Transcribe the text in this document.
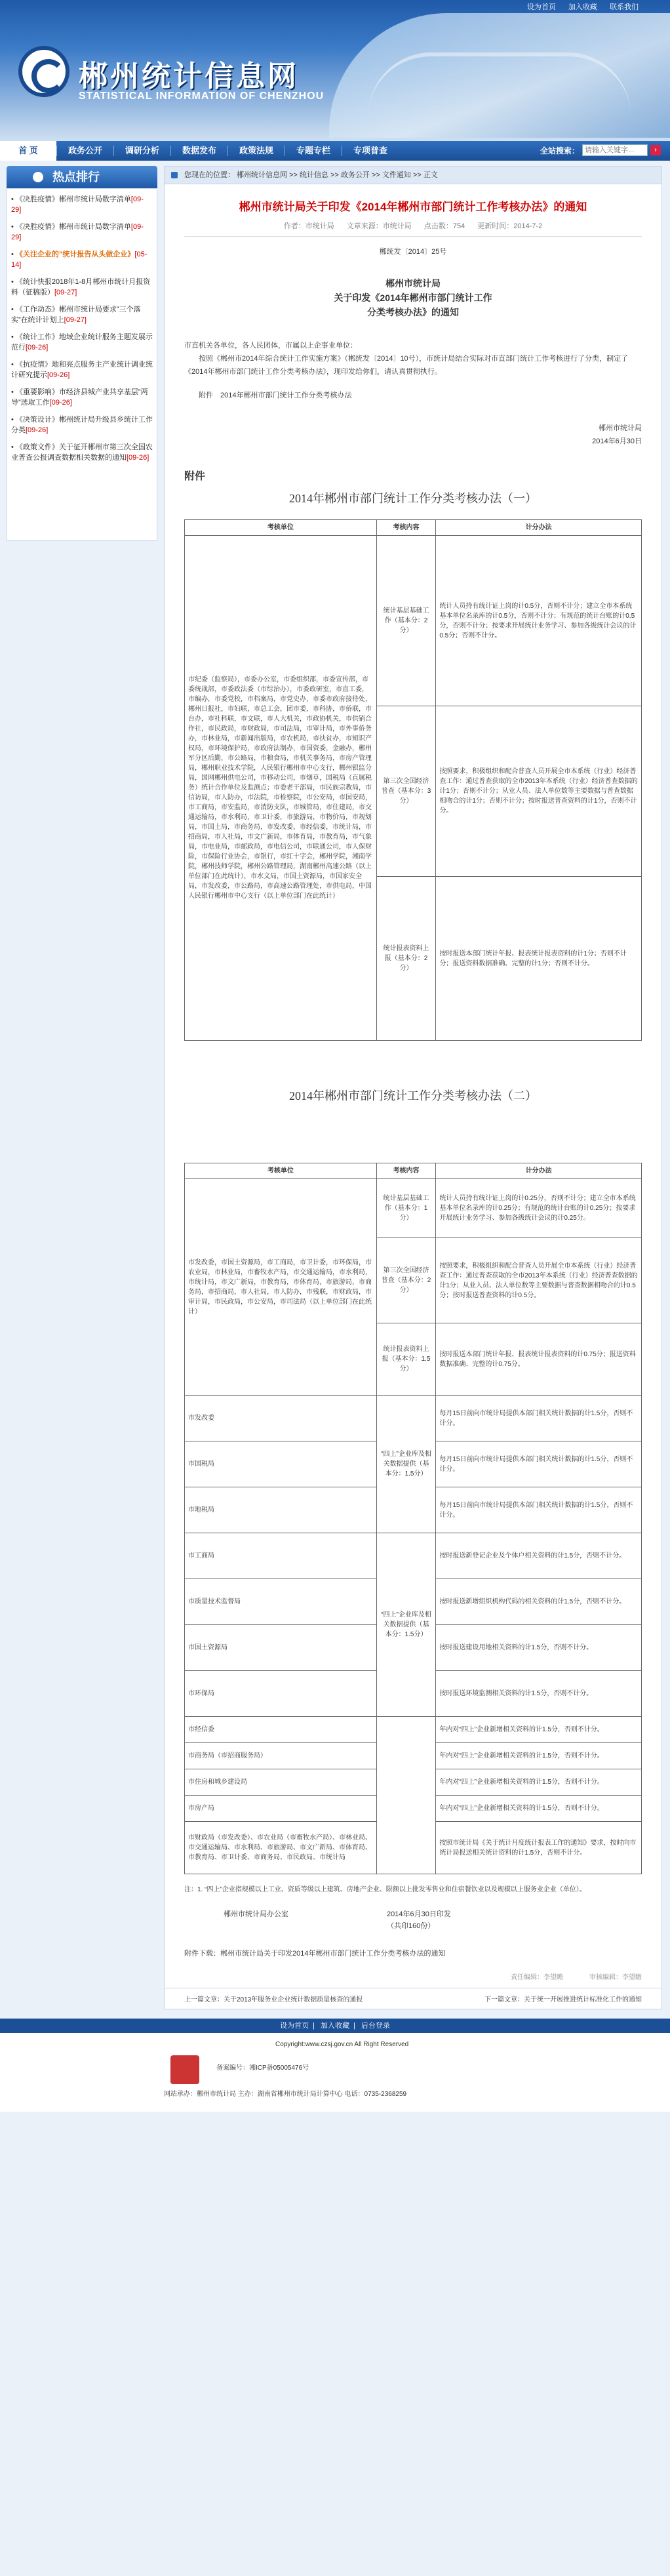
设为首页 加入收藏 联系我们
郴州统计信息网
STATISTICAL INFORMATION OF CHENZHOU
首 页	政务公开	调研分析	数据发布	政策法规	专题专栏	专项普查	全站搜索：
请输入关键字...	›
热点排行
• 《决胜疫情》郴州市统计局数字清单[09-29]
• 《决胜疫情》郴州市统计局数字清单[09-29]
• 《关注企业的”统计报告从头做企业》[05-14]
• 《统计快报2018年1-8月郴州市统计月报资料（征稿版）[09-27]
• 《工作动态》郴州市统计局要求”三个落实”在统计计划上[09-27]
• 《统计工作》地域企业统计服务主题发展示范行[09-26]
• 《抗疫情》地和亮点服务主产业统计调业统计研究提示[09-26]
• 《重要影响》市经济县城产业共享基层”两导”选取工作[09-26]
• 《决策设计》郴州统计局升级县乡统计工作分类[09-26]
• 《政策文件》关于征开郴州市第三次全国农业普查公报调查数据相关数据的通知[09-26]
您现在的位置： 郴州统计信息网 >> 统计信息 >> 政务公开 >> 文件通知 >> 正文
郴州市统计局关于印发《2014年郴州市部门统计工作考核办法》的通知
作者：市统计局 文章来源：市统计局 点击数：754 更新时间：2014-7-2
郴统发〔2014〕25号
郴州市统计局
关于印发《2014年郴州市部门统计工作
分类考核办法》的通知
市直机关各单位，各人民团体，市属以上企事业单位：
按照《郴州市2014年综合统计工作实施方案》（郴统发〔2014〕10号），市统计局结合实际对市直部门统计工作考核进行了分类，制定了《2014年郴州市部门统计工作分类考核办法》，现印发给你们，请认真贯彻执行。
附件　2014年郴州市部门统计工作分类考核办法
郴州市统计局
2014年6月30日
附件
2014年郴州市部门统计工作分类考核办法（一）
考核单位	考核内容	计分办法
市纪委（监察局），市委办公室，市委组织部，市委宣传部，市委统战部，市委政法委（市综治办），市委政研室，市直工委，市编办，市委党校，市档案局，市党史办，市委市政府接待处，郴州日报社，市妇联，市总工会，团市委，市科协，市侨联，市台办，市社科联，市文联，市人大机关，市政协机关，市供销合作社，市民政局，市财政局，市司法局，市审计局，市外事侨务办，市林业局，市新闻出版局，市农机局，市扶贫办，市知识产权局，市环境保护局，市政府法制办，市国资委，金融办，郴州军分区后勤，市公路局，市粮食局，市机关事务局，市房产管理局，郴州职业技术学院，人民银行郴州市中心支行，郴州银监分局，国网郴州供电公司，市移动公司，市烟草，国税局（直属税务）统计合作单位及监测点；市委老干部局，市民族宗教局，市信访局，市人防办，市法院，市检察院，市公安局，市国安局，市工商局，市安监局，市消防支队，市城管局，市住建局，市交通运输局，市水利局，市卫计委，市旅游局，市物价局，市规划局，市国土局，市商务局，市发改委，市经信委，市统计局，市招商局，市人社局，市文广新局，市体育局，市教育局，市气象局，市电业局，市邮政局，市电信公司，市联通公司，市人保财险，市保险行业协会，市银行，市红十字会，郴州学院，湘南学院，郴州技师学院，郴州公路管理局，湖南郴州高速公路（以上单位部门在此统计），市水文局，市国土资源局，市国家安全局，市发改委，市公路局，市高速公路管理处，市供电局，中国人民银行郴州市中心支行（以上单位部门在此统计）	统计基层基础工作（基本分：2分）	统计人员持有统计证上岗的计0.5分，否则不计分；建立全市本系统基本单位名录库的计0.5分，否则不计分；有规范的统计台账的计0.5分，否则不计分；按要求开展统计业务学习、参加各级统计会议的计0.5分；否则不计分。
	第三次全国经济普查（基本分：3分）	按照要求，积极组织和配合普查人员开展全市本系统（行业）经济普查工作：通过普查获取的全市2013年本系统（行业）经济普查数据的计1分；否则不计分；从业人员、法人单位数等主要数据与普查数据相吻合的计1分；否则不计分；按时报送普查资料的计1分，否则不计分。
	统计报表资料上报（基本分：2分）	按时报送本部门统计年报、报表统计报表资料的计1分；否则不计分；报送资料数据准确、完整的计1分；否则不计分。
2014年郴州市部门统计工作分类考核办法（二）
考核单位	考核内容	计分办法
市发改委，市国土资源局，市工商局，市卫计委，市环保局，市农业局，市林业局，市畜牧水产局，市交通运输局，市水利局，市统计局，市文广新局，市教育局，市体育局，市旅游局，市商务局，市招商局，市人社局，市人防办，市残联，市财政局，市审计局，市民政局，市公安局，市司法局（以上单位部门在此统计）	统计基层基础工作（基本分：1分）	统计人员持有统计证上岗的计0.25分，否则不计分；建立全市本系统基本单位名录库的计0.25分；有规范的统计台账的计0.25分；按要求开展统计业务学习、参加各级统计会议的计0.25分。
	第三次全国经济普查（基本分：2分）	按照要求，积极组织和配合普查人员开展全市本系统（行业）经济普查工作：通过普查获取的全市2013年本系统（行业）经济普查数据的计1分；从业人员、法人单位数等主要数据与普查数据相吻合的计0.5分；按时报送普查资料的计0.5分。
	统计报表资料上报（基本分：1.5分）	按时报送本部门统计年报、报表统计报表资料的计0.75分；报送资料数据准确、完整的计0.75分。
市发改委	“四上”企业库及相关数据提供（基本分：1.5分）	每月15日前向市统计局提供本部门相关统计数据的计1.5分，否则不计分。
市国税局		每月15日前向市统计局提供本部门相关统计数据的计1.5分，否则不计分。
市地税局		每月15日前向市统计局提供本部门相关统计数据的计1.5分，否则不计分。
市工商局	“四上”企业库及相关数据提供（基本分：1.5分）	按时报送新登记企业及个体户相关资料的计1.5分，否则不计分。
市质量技术监督局		按时报送新增组织机构代码的相关资料的计1.5分，否则不计分。
市国土资源局		按时报送建设用地相关资料的计1.5分，否则不计分。
市环保局		按时报送环境监测相关资料的计1.5分，否则不计分。
市经信委		年内对“四上”企业新增相关资料的计1.5分，否则不计分。
市商务局（市招商服务局）		年内对“四上”企业新增相关资料的计1.5分，否则不计分。
市住房和城乡建设局		年内对“四上”企业新增相关资料的计1.5分，否则不计分。
市房产局		年内对“四上”企业新增相关资料的计1.5分，否则不计分。
市财政局（市发改委）、市农业局（市畜牧水产局）、市林业局、市交通运输局、市水利局、市旅游局、市文广新局、市体育局、市教育局、市卫计委、市商务局、市民政局、市统计局		按照市统计局《关于统计月度统计报表工作的通知》要求，按时向市统计局报送相关统计资料的计1.5分，否则不计分。
注：1. “四上”企业指规模以上工业、资质等级以上建筑、房地产企业、限额以上批发零售业和住宿餐饮业以及规模以上服务业企业（单位）。
郴州市统计局办公室	2014年6月30日印发
（共印160份）
附件下载：郴州市统计局关于印发2014年郴州市部门统计工作分类考核办法的通知
责任编辑：李望瞻　　　　审核编辑：李望瞻
上一篇文章：关于2013年服务业企业统计数据质量核查的通报	下一篇文章：关于统一开展推进统计标准化工作的通知
设为首页 | 加入收藏 | 后台登录
Copyright:www.czsj.gov.cn All Right Reserved
备案编号：湘ICP备05005476号
网站承办：郴州市统计局 主办：湖南省郴州市统计局计算中心 电话：0735-2368259
